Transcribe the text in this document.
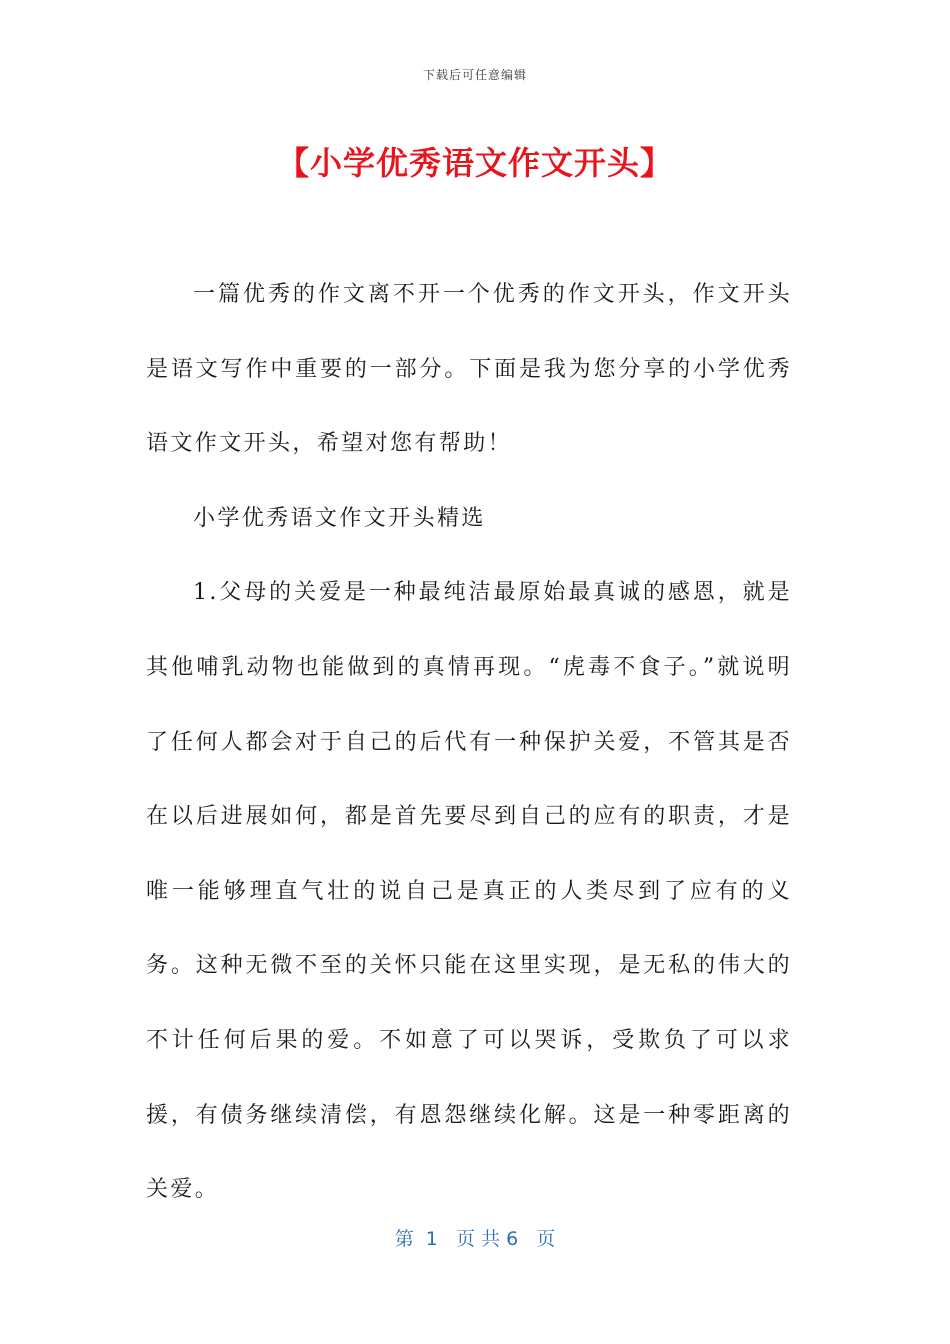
下载后可任意编辑
【小学优秀语文作文开头】

一篇优秀的作文离不开一个优秀的作文开头，作文开头是语文写作中重要的一部分。下面是我为您分享的小学优秀语文作文开头，希望对您有帮助！

小学优秀语文作文开头精选

1.父母的关爱是一种最纯洁最原始最真诚的感恩，就是其他哺乳动物也能做到的真情再现。“虎毒不食子。”就说明了任何人都会对于自己的后代有一种保护关爱，不管其是否在以后进展如何，都是首先要尽到自己的应有的职责，才是唯一能够理直气壮的说自己是真正的人类尽到了应有的义务。这种无微不至的关怀只能在这里实现，是无私的伟大的不计任何后果的爱。不如意了可以哭诉，受欺负了可以求援，有债务继续清偿，有恩怨继续化解。这是一种零距离的关爱。

第  1   页 共 6   页
